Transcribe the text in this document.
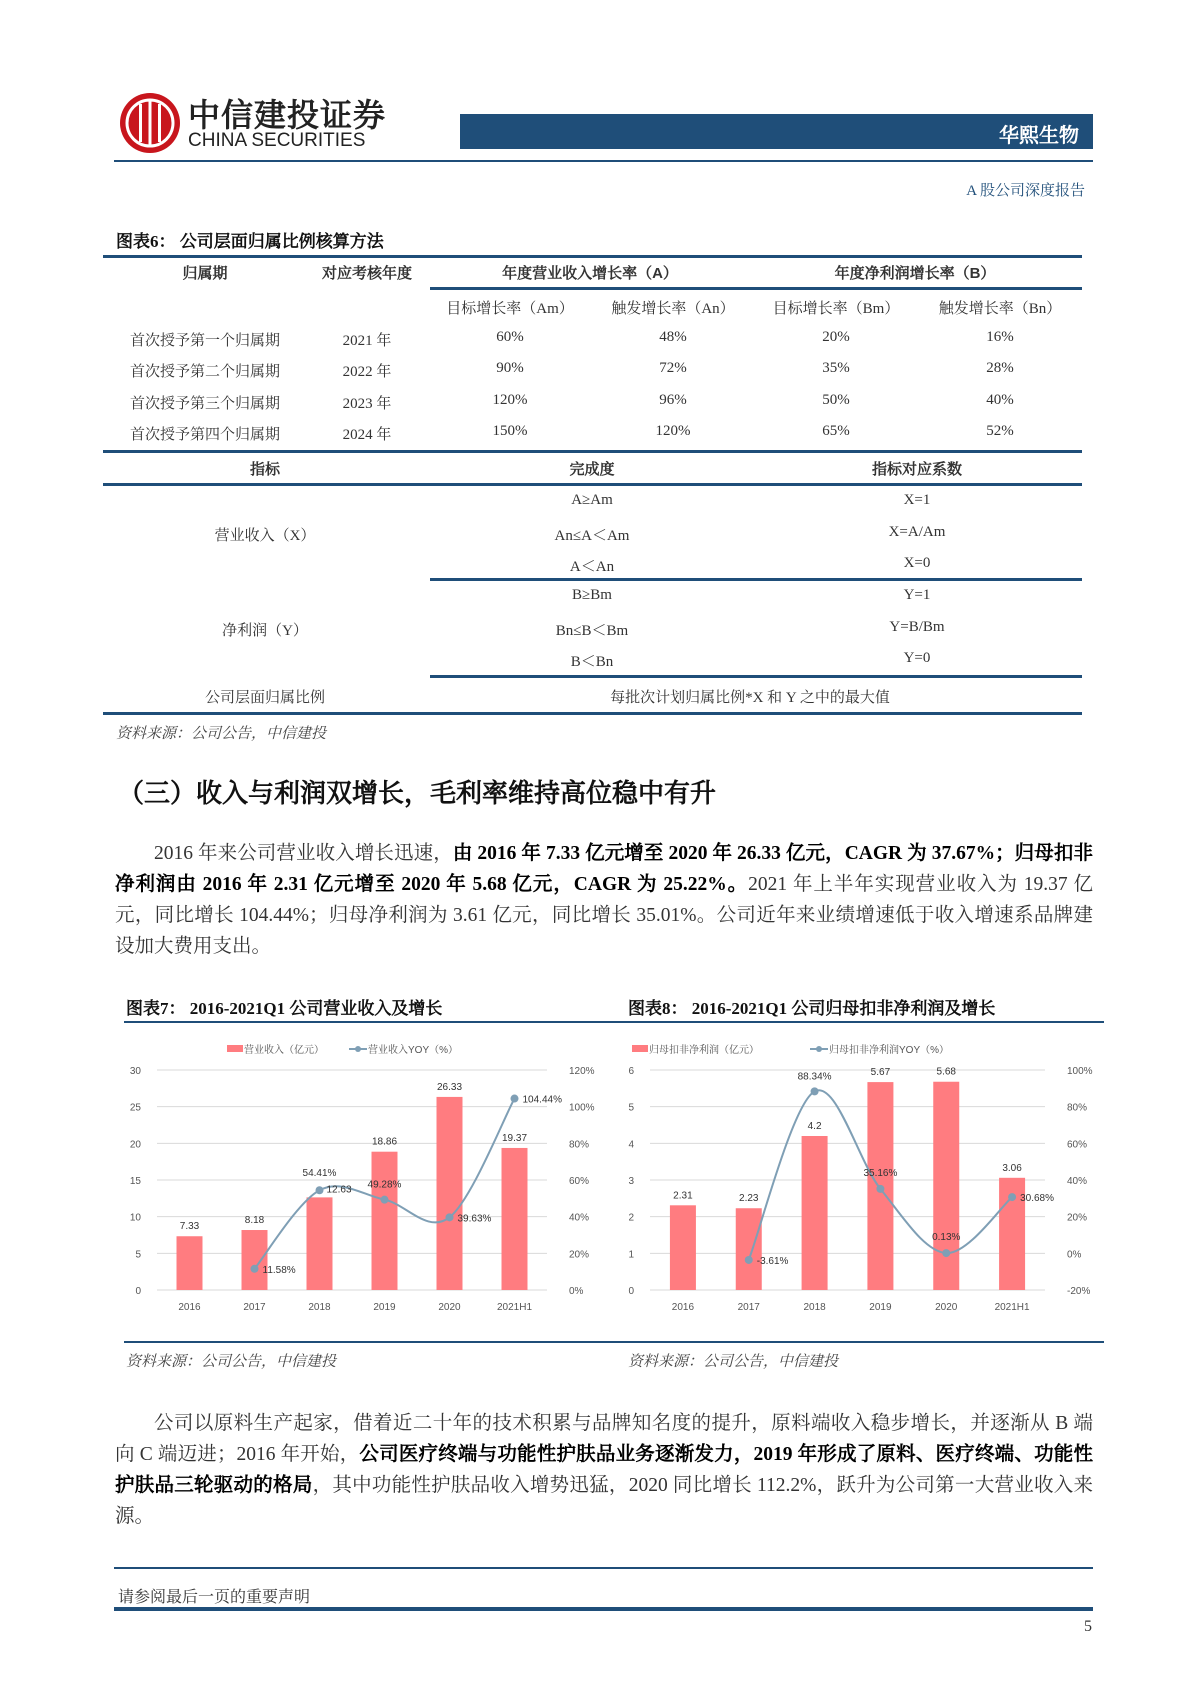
中信建投证券
CHINA SECURITIES	华熙生物
A 股公司深度报告
图表6： 公司层面归属比例核算方法
归属期	对应考核年度	年度营业收入增长率（A）	年度净利润增长率（B）
目标增长率（Am）	触发增长率（An）	目标增长率（Bm）	触发增长率（Bn）
首次授予第一个归属期	2021 年	60%	48%	20%	16%
首次授予第二个归属期	2022 年	90%	72%	35%	28%
首次授予第三个归属期	2023 年	120%	96%	50%	40%
首次授予第四个归属期	2024 年	150%	120%	65%	52%
指标	完成度	指标对应系数
营业收入（X）
A≥Am	X=1
An≤A＜Am	X=A/Am
A＜An	X=0
净利润（Y）
B≥Bm	Y=1
Bn≤B＜Bm	Y=B/Bm
B＜Bn	Y=0
公司层面归属比例	每批次计划归属比例*X 和 Y 之中的最大值
资料来源：公司公告，中信建投
（三）收入与利润双增长，毛利率维持高位稳中有升

2016 年来公司营业收入增长迅速，由 2016 年 7.33 亿元增至 2020 年 26.33 亿元，CAGR 为 37.67%；归母扣非净利润由 2016 年 2.31 亿元增至 2020 年 5.68 亿元，CAGR 为 25.22%。2021 年上半年实现营业收入为 19.37 亿元，同比增长 104.44%；归母净利润为 3.61 亿元，同比增长 35.01%。公司近年来业绩增速低于收入增速系品牌建设加大费用支出。

图表7： 2016-2021Q1 公司营业收入及增长	图表8： 2016-2021Q1 公司归母扣非净利润及增长
0
5
10
15
20
25
30
0%
20%
40%
60%
80%
100%
120%
2016	2017	2018	2019	2020	2021H1
11.58%
54.41%
49.28%
39.63%
104.44%
7.33
8.18
12.63
18.86
26.33
19.37
营业收入（亿元）	营业收入YOY（%）
0
1
2
3
4
5
6
-20%
0%
20%
40%
60%
80%
100%
2016	2017	2018	2019	2020	2021H1
-3.61%
88.34%
35.16%
0.13%
30.68%
2.31	2.23
4.2
5.67	5.68
3.06
归母扣非净利润（亿元）	归母扣非净利润YOY（%）
资料来源：公司公告，中信建投	资料来源：公司公告，中信建投

公司以原料生产起家，借着近二十年的技术积累与品牌知名度的提升，原料端收入稳步增长，并逐渐从 B 端向 C 端迈进；2016 年开始，公司医疗终端与功能性护肤品业务逐渐发力，2019 年形成了原料、医疗终端、功能性护肤品三轮驱动的格局，其中功能性护肤品收入增势迅猛，2020 同比增长 112.2%，跃升为公司第一大营业收入来源。

请参阅最后一页的重要声明
5
